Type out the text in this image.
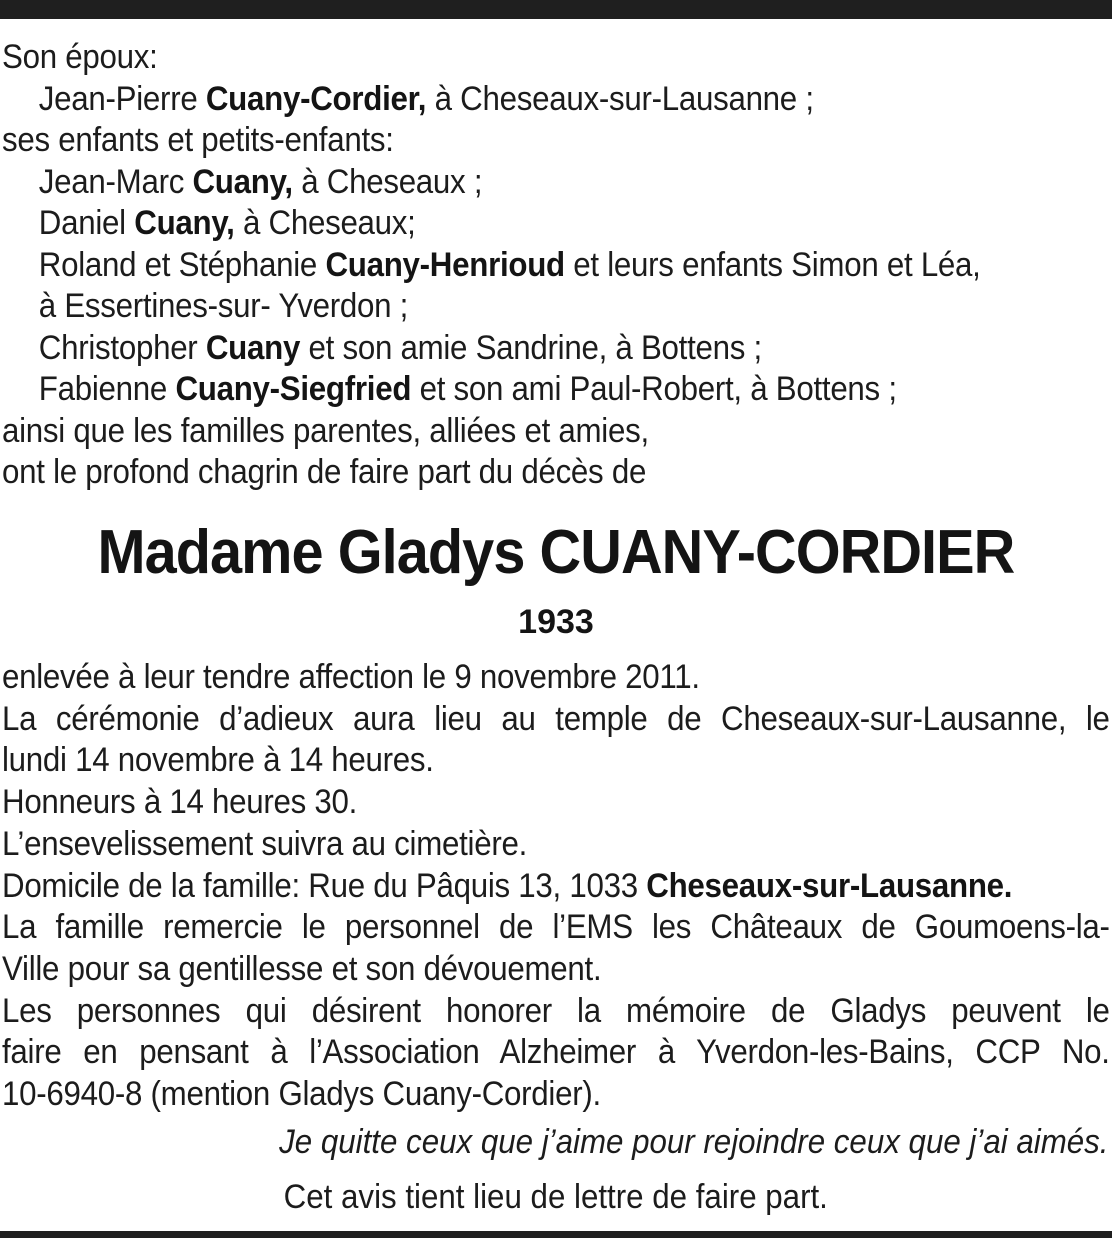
Son époux:
Jean-Pierre Cuany-Cordier, à Cheseaux-sur-Lausanne ;
ses enfants et petits-enfants:
Jean-Marc Cuany, à Cheseaux ;
Daniel Cuany, à Cheseaux;
Roland et Stéphanie Cuany-Henrioud et leurs enfants Simon et Léa,
à Essertines-sur- Yverdon ;
Christopher Cuany et son amie Sandrine, à Bottens ;
Fabienne Cuany-Siegfried et son ami Paul-Robert, à Bottens ;
ainsi que les familles parentes, alliées et amies,
ont le profond chagrin de faire part du décès de
Madame Gladys CUANY-CORDIER
1933
enlevée à leur tendre affection le 9 novembre 2011.
La cérémonie d’adieux aura lieu au temple de Cheseaux-sur-Lausanne, le
lundi 14 novembre à 14 heures.
Honneurs à 14 heures 30.
L’ensevelissement suivra au cimetière.
Domicile de la famille: Rue du Pâquis 13, 1033 Cheseaux-sur-Lausanne.
La famille remercie le personnel de l’EMS les Châteaux de Goumoens-la-
Ville pour sa gentillesse et son dévouement.
Les personnes qui désirent honorer la mémoire de Gladys peuvent le
faire en pensant à l’Association Alzheimer à Yverdon-les-Bains, CCP No.
10-6940-8 (mention Gladys Cuany-Cordier).
Je quitte ceux que j’aime pour rejoindre ceux que j’ai aimés.
Cet avis tient lieu de lettre de faire part.
